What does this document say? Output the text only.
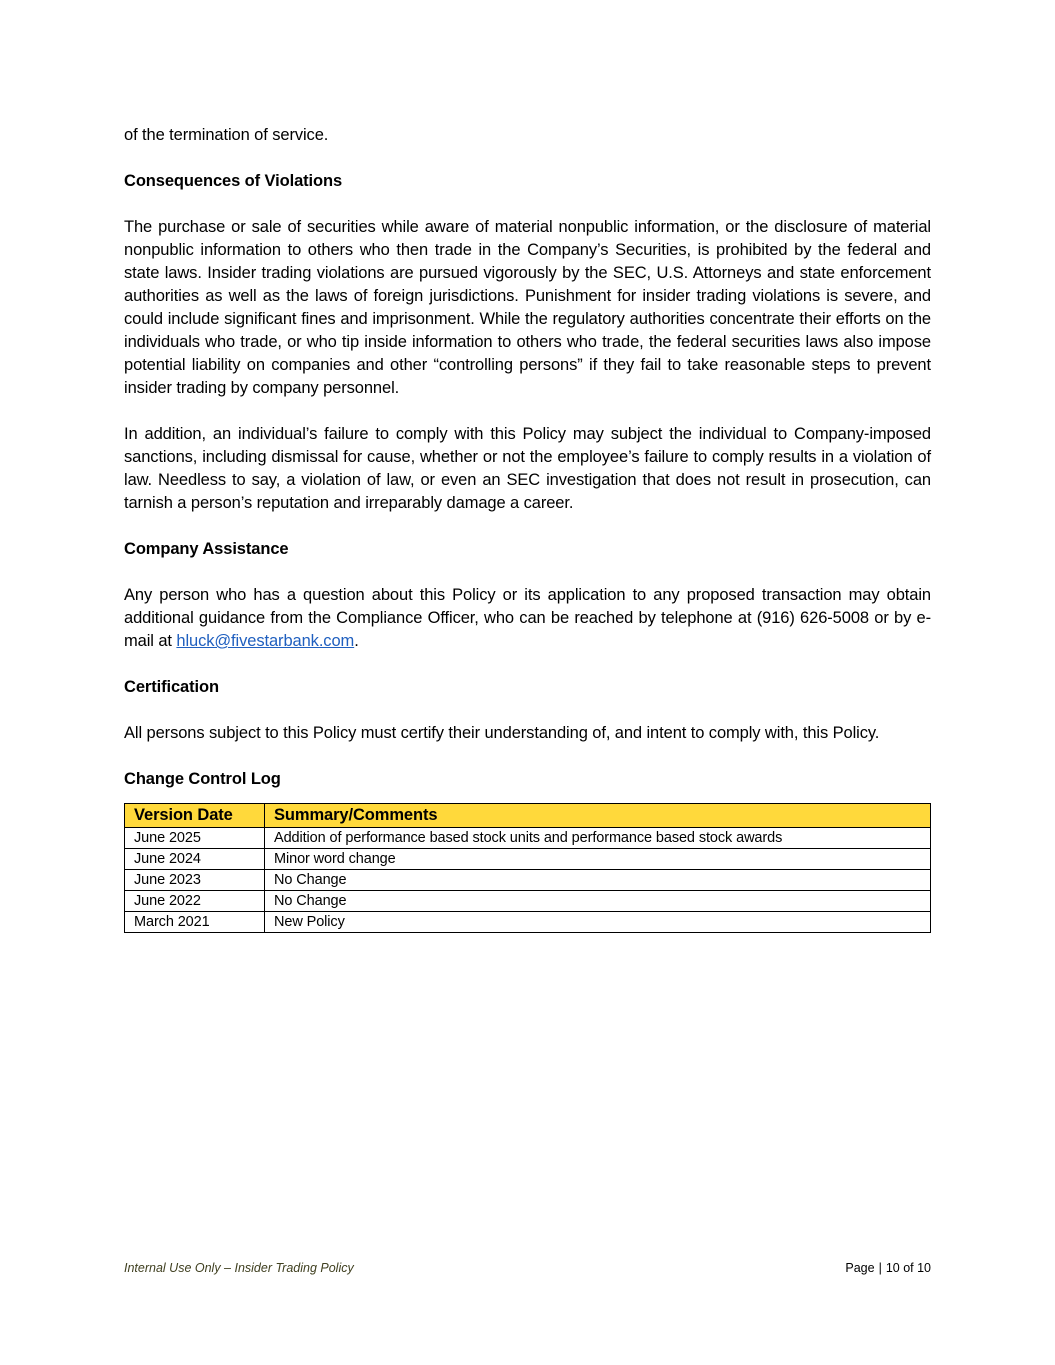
of the termination of service.

Consequences of Violations

The purchase or sale of securities while aware of material nonpublic information, or the disclosure of material nonpublic information to others who then trade in the Company’s Securities, is prohibited by the federal and state laws. Insider trading violations are pursued vigorously by the SEC, U.S. Attorneys and state enforcement authorities as well as the laws of foreign jurisdictions. Punishment for insider trading violations is severe, and could include significant fines and imprisonment. While the regulatory authorities concentrate their efforts on the individuals who trade, or who tip inside information to others who trade, the federal securities laws also impose potential liability on companies and other “controlling persons” if they fail to take reasonable steps to prevent insider trading by company personnel.

In addition, an individual’s failure to comply with this Policy may subject the individual to Company-imposed sanctions, including dismissal for cause, whether or not the employee’s failure to comply results in a violation of law. Needless to say, a violation of law, or even an SEC investigation that does not result in prosecution, can tarnish a person’s reputation and irreparably damage a career.

Company Assistance

Any person who has a question about this Policy or its application to any proposed transaction may obtain additional guidance from the Compliance Officer, who can be reached by telephone at (916) 626-5008 or by e-mail at hluck@fivestarbank.com.

Certification

All persons subject to this Policy must certify their understanding of, and intent to comply with, this Policy.

Change Control Log
Version Date	Summary/Comments
June 2025	Addition of performance based stock units and performance based stock awards
June 2024	Minor word change
June 2023	No Change
June 2022	No Change
March 2021	New Policy
Internal Use Only – Insider Trading Policy	Page | 10 of 10
